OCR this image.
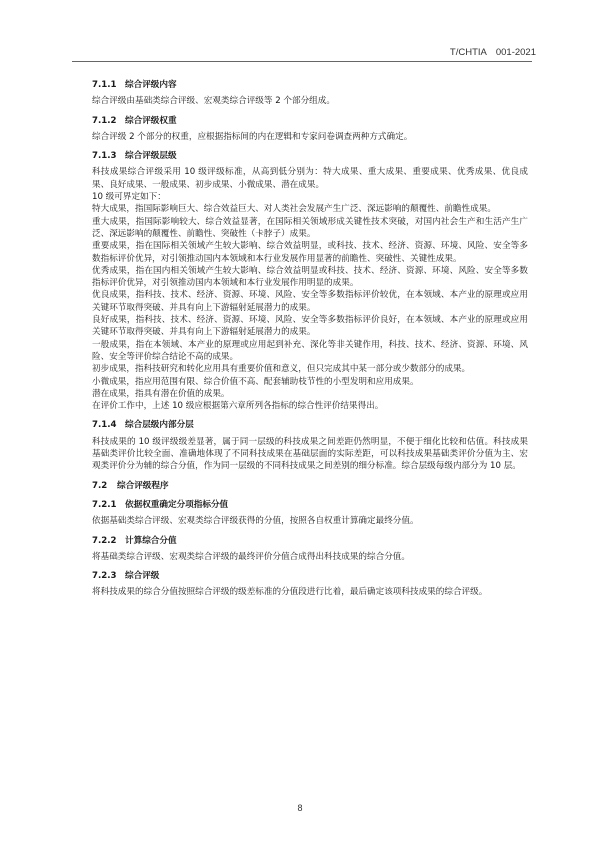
T/CHTIA　001-2021
7.1.1 综合评级内容

综合评级由基础类综合评级、宏观类综合评级等 2 个部分组成。

7.1.2 综合评级权重

综合评级 2 个部分的权重，应根据指标间的内在逻辑和专家问卷调查两种方式确定。

7.1.3 综合评级层级

科技成果综合评级采用 10 级评级标准，从高到低分别为：特大成果、重大成果、重要成果、优秀成果、优良成果、良好成果、一般成果、初步成果、小微成果、潜在成果。

10 级可界定如下：

特大成果，指国际影响巨大、综合效益巨大、对人类社会发展产生广泛、深远影响的颠覆性、前瞻性成果。

重大成果，指国际影响较大、综合效益显著，在国际相关领域形成关键性技术突破，对国内社会生产和生活产生广泛、深远影响的颠覆性、前瞻性、突破性（卡脖子）成果。

重要成果，指在国际相关领域产生较大影响、综合效益明显，或科技、技术、经济、资源、环境、风险、安全等多数指标评价优异，对引领推动国内本领域和本行业发展作用显著的前瞻性、突破性、关键性成果。

优秀成果，指在国内相关领域产生较大影响、综合效益明显或科技、技术、经济、资源、环境、风险、安全等多数指标评价优异，对引领推动国内本领域和本行业发展作用明显的成果。

优良成果，指科技、技术、经济、资源、环境、风险、安全等多数指标评价较优，在本领域、本产业的原理或应用关键环节取得突破、并具有向上下游辐射延展潜力的成果。

良好成果，指科技、技术、经济、资源、环境、风险、安全等多数指标评价良好，在本领域、本产业的原理或应用关键环节取得突破、并具有向上下游辐射延展潜力的成果。

一般成果，指在本领域、本产业的原理或应用起到补充、深化等非关键作用，科技、技术、经济、资源、环境、风险、安全等评价综合结论不高的成果。

初步成果，指科技研究和转化应用具有重要价值和意义，但只完成其中某一部分或少数部分的成果。

小微成果，指应用范围有限、综合价值不高、配套辅助枝节性的小型发明和应用成果。

潜在成果，指具有潜在价值的成果。

在评价工作中，上述 10 级应根据第六章所列各指标的综合性评价结果得出。

7.1.4 综合层级内部分层

科技成果的 10 级评级级差显著，属于同一层级的科技成果之间差距仍然明显，不便于细化比较和估值。科技成果基础类评价比较全面、准确地体现了不同科技成果在基础层面的实际差距，可以科技成果基础类评价分值为主、宏观类评价分为辅的综合分值，作为同一层级的不同科技成果之间差别的细分标准。综合层级每级内部分为 10 层。

7.2 综合评级程序
7.2.1 依据权重确定分项指标分值

依据基础类综合评级、宏观类综合评级获得的分值，按照各自权重计算确定最终分值。

7.2.2 计算综合分值

将基础类综合评级、宏观类综合评级的最终评价分值合成得出科技成果的综合分值。

7.2.3 综合评级

将科技成果的综合分值按照综合评级的级差标准的分值段进行比着，最后确定该项科技成果的综合评级。

8
